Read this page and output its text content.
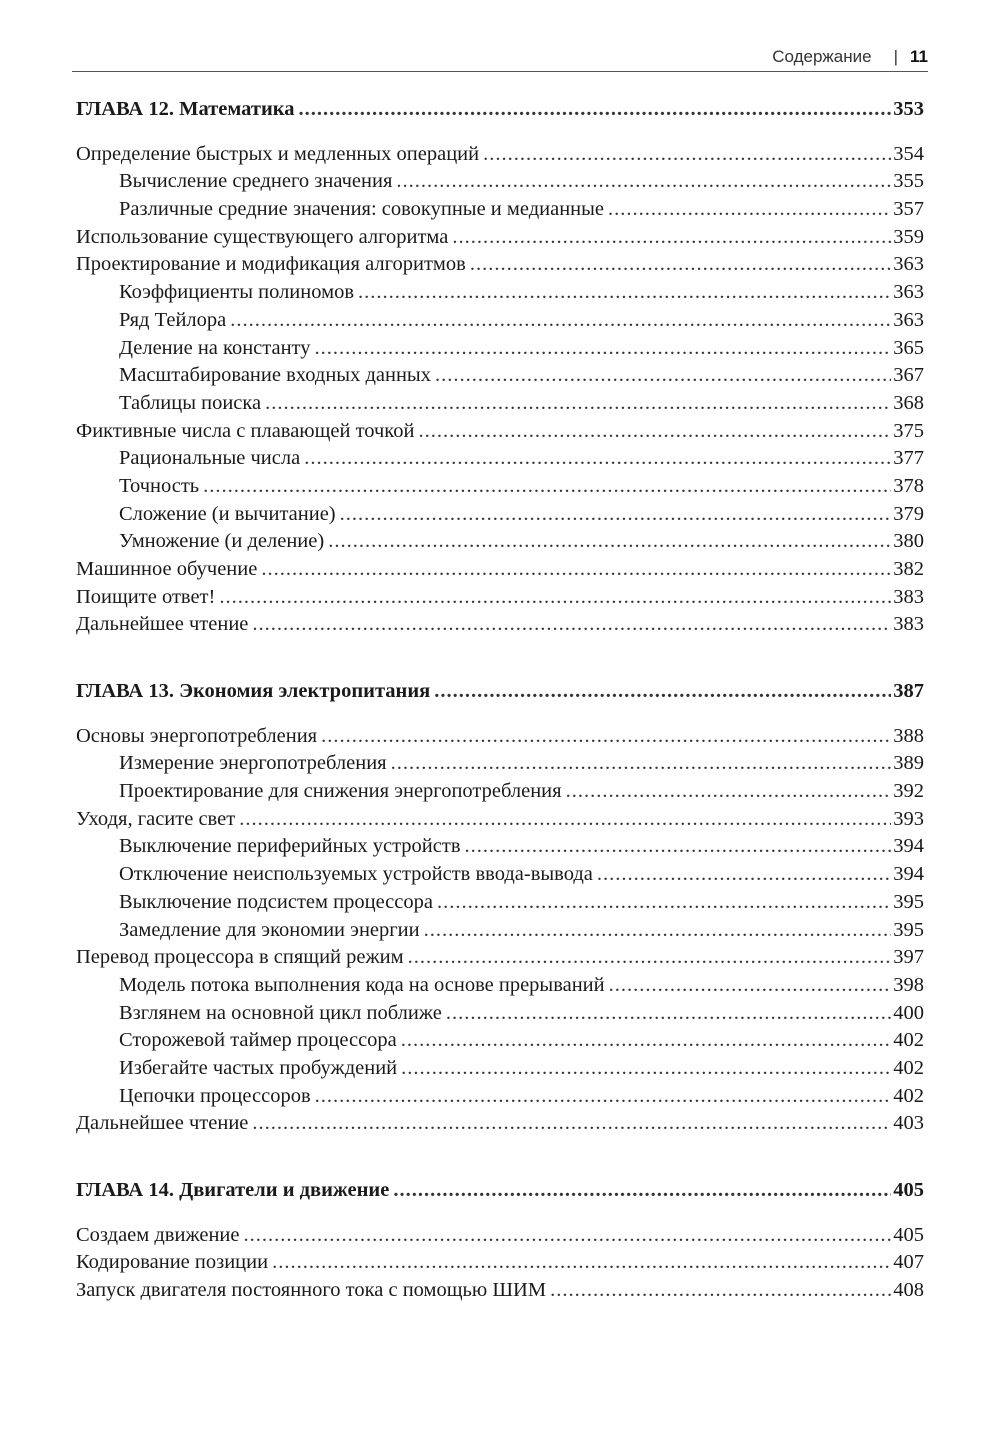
Содержание | 11
ГЛАВА 12. Математика .....	353
Определение быстрых и медленных операций .....	354
Вычисление среднего значения .....	355
Различные средние значения: совокупные и медианные .....	357
Использование существующего алгоритма .....	359
Проектирование и модификация алгоритмов .....	363
Коэффициенты полиномов .....	363
Ряд Тейлора .....	363
Деление на константу .....	365
Масштабирование входных данных .....	367
Таблицы поиска .....	368
Фиктивные числа с плавающей точкой .....	375
Рациональные числа .....	377
Точность .....	378
Сложение (и вычитание) .....	379
Умножение (и деление) .....	380
Машинное обучение .....	382
Поищите ответ! .....	383
Дальнейшее чтение .....	383
ГЛАВА 13. Экономия электропитания .....	387
Основы энергопотребления .....	388
Измерение энергопотребления .....	389
Проектирование для снижения энергопотребления .....	392
Уходя, гасите свет .....	393
Выключение периферийных устройств .....	394
Отключение неиспользуемых устройств ввода-вывода .....	394
Выключение подсистем процессора .....	395
Замедление для экономии энергии .....	395
Перевод процессора в спящий режим .....	397
Модель потока выполнения кода на основе прерываний .....	398
Взглянем на основной цикл поближе .....	400
Сторожевой таймер процессора .....	402
Избегайте частых пробуждений .....	402
Цепочки процессоров .....	402
Дальнейшее чтение .....	403
ГЛАВА 14. Двигатели и движение .....	405
Создаем движение .....	405
Кодирование позиции .....	407
Запуск двигателя постоянного тока с помощью ШИМ .....	408
